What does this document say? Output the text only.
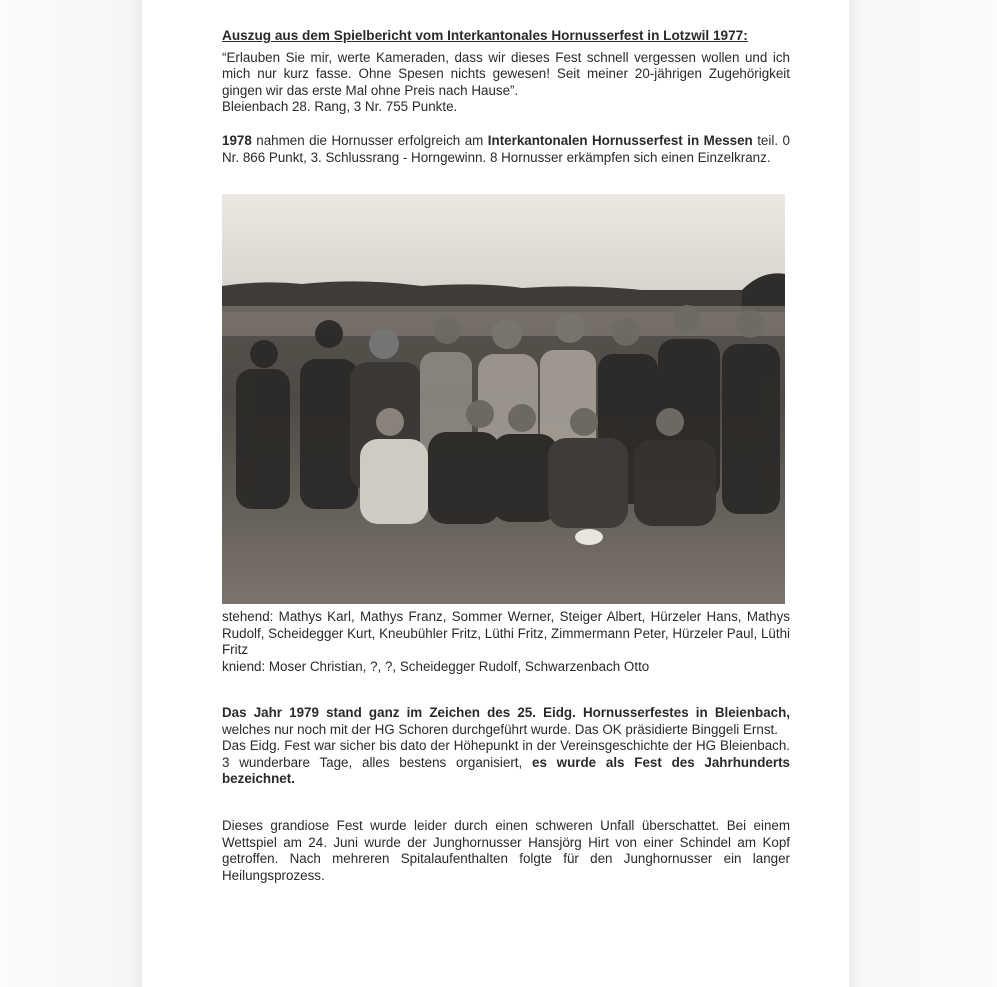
Auszug aus dem Spielbericht vom Interkantonales Hornusserfest in Lotzwil 1977:

“Erlauben Sie mir, werte Kameraden, dass wir dieses Fest schnell vergessen wollen und ich mich nur kurz fasse. Ohne Spesen nichts gewesen! Seit meiner 20-jährigen Zugehörigkeit gingen wir das erste Mal ohne Preis nach Hause”.
Bleienbach 28. Rang, 3 Nr. 755 Punkte.

1978 nahmen die Hornusser erfolgreich am Interkantonalen Hornusserfest in Messen teil. 0 Nr. 866 Punkt, 3. Schlussrang - Horngewinn. 8 Hornusser erkämpfen sich einen Einzelkranz.

stehend: Mathys Karl, Mathys Franz, Sommer Werner, Steiger Albert, Hürzeler Hans, Mathys Rudolf, Scheidegger Kurt, Kneubühler Fritz, Lüthi Fritz, Zimmermann Peter, Hürzeler Paul, Lüthi Fritz
kniend: Moser Christian, ?, ?, Scheidegger Rudolf, Schwarzenbach Otto
Das Jahr 1979 stand ganz im Zeichen des 25. Eidg. Hornusserfestes in Bleienbach, welches nur noch mit der HG Schoren durchgeführt wurde. Das OK präsidierte Binggeli Ernst.
Das Eidg. Fest war sicher bis dato der Höhepunkt in der Vereinsgeschichte der HG Bleienbach. 3 wunderbare Tage, alles bestens organisiert, es wurde als Fest des Jahrhunderts bezeichnet.
Dieses grandiose Fest wurde leider durch einen schweren Unfall überschattet. Bei einem Wettspiel am 24. Juni wurde der Junghornusser Hansjörg Hirt von einer Schindel am Kopf getroffen. Nach mehreren Spitalaufenthalten folgte für den Junghornusser ein langer Heilungsprozess.
